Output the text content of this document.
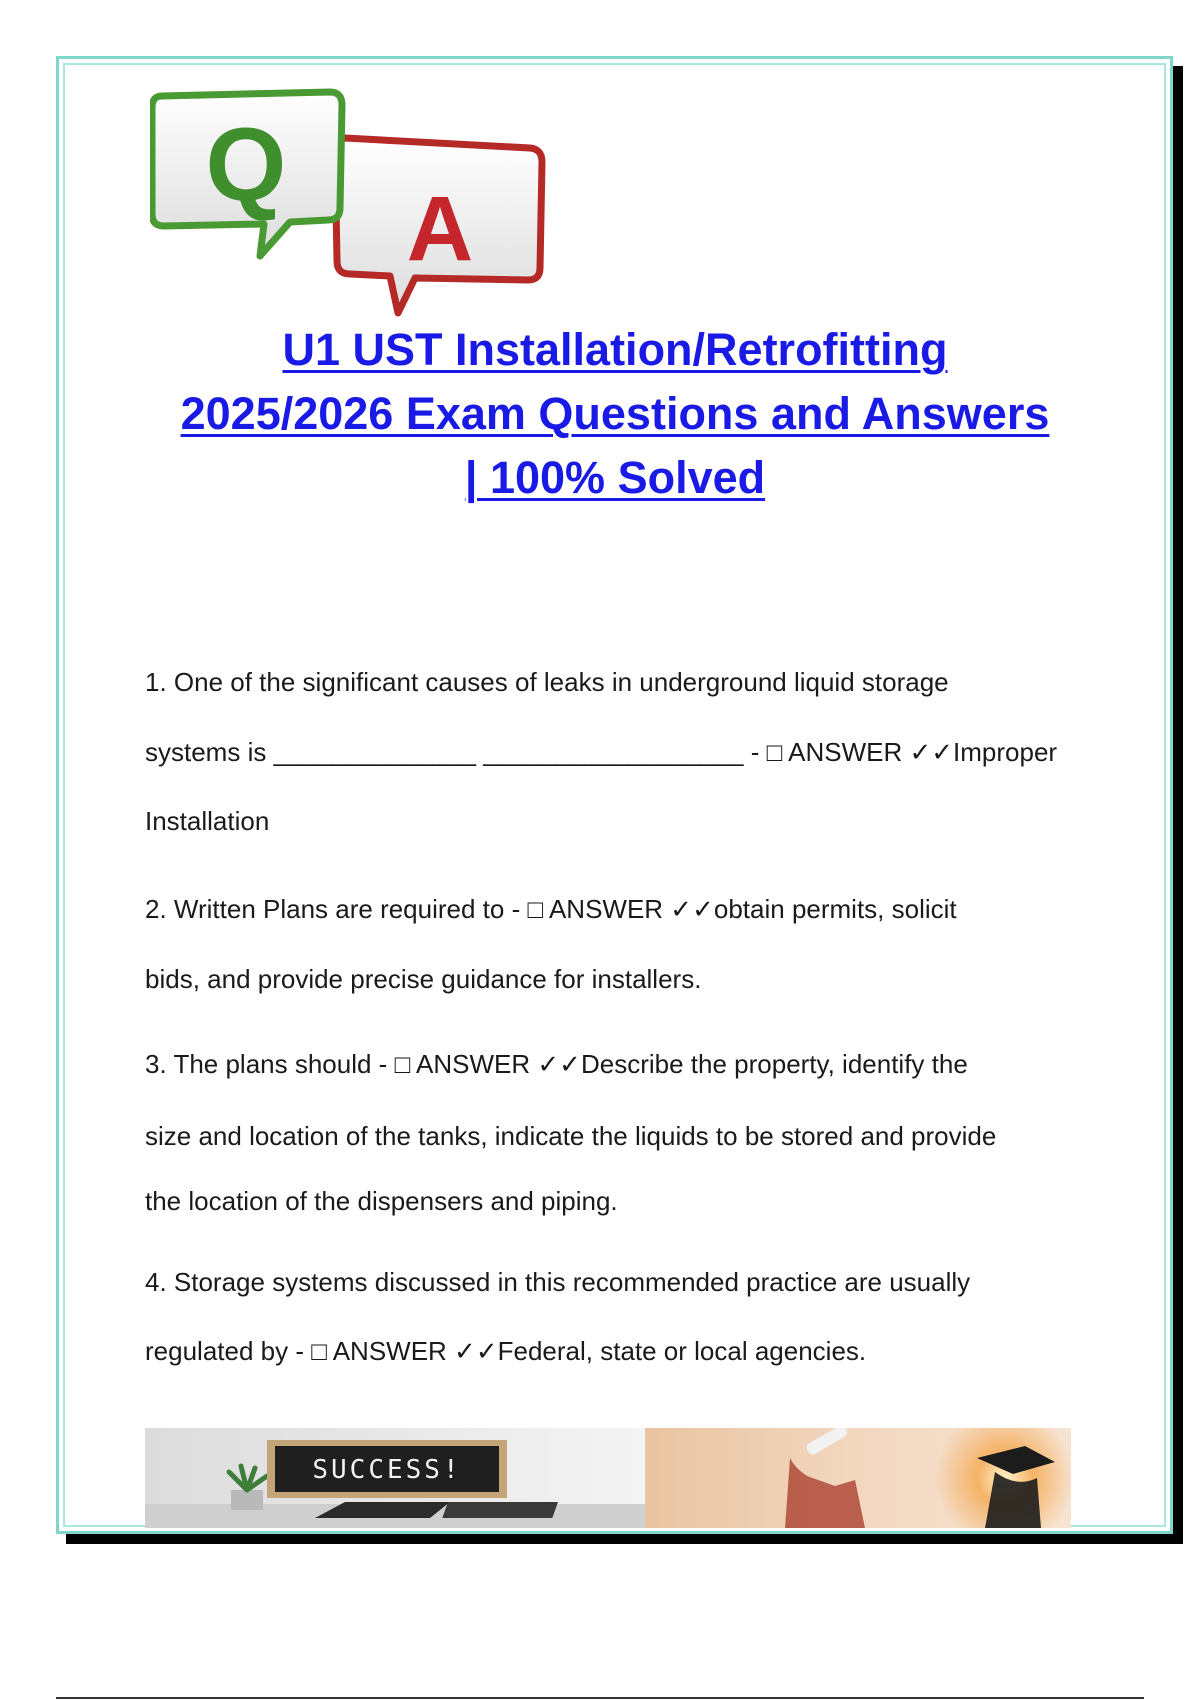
A
Q
U1 UST Installation/Retrofitting
2025/2026 Exam Questions and Answers
| 100% Solved
1. One of the significant causes of leaks in underground liquid storage
systems is ______________ __________________ - □ ANSWER ✓✓Improper
Installation
2. Written Plans are required to - □ ANSWER ✓✓obtain permits, solicit
bids, and provide precise guidance for installers.
3. The plans should - □ ANSWER ✓✓Describe the property, identify the
size and location of the tanks, indicate the liquids to be stored and provide
the location of the dispensers and piping.
4. Storage systems discussed in this recommended practice are usually
regulated by - □ ANSWER ✓✓Federal, state or local agencies.
SUCCESS!
